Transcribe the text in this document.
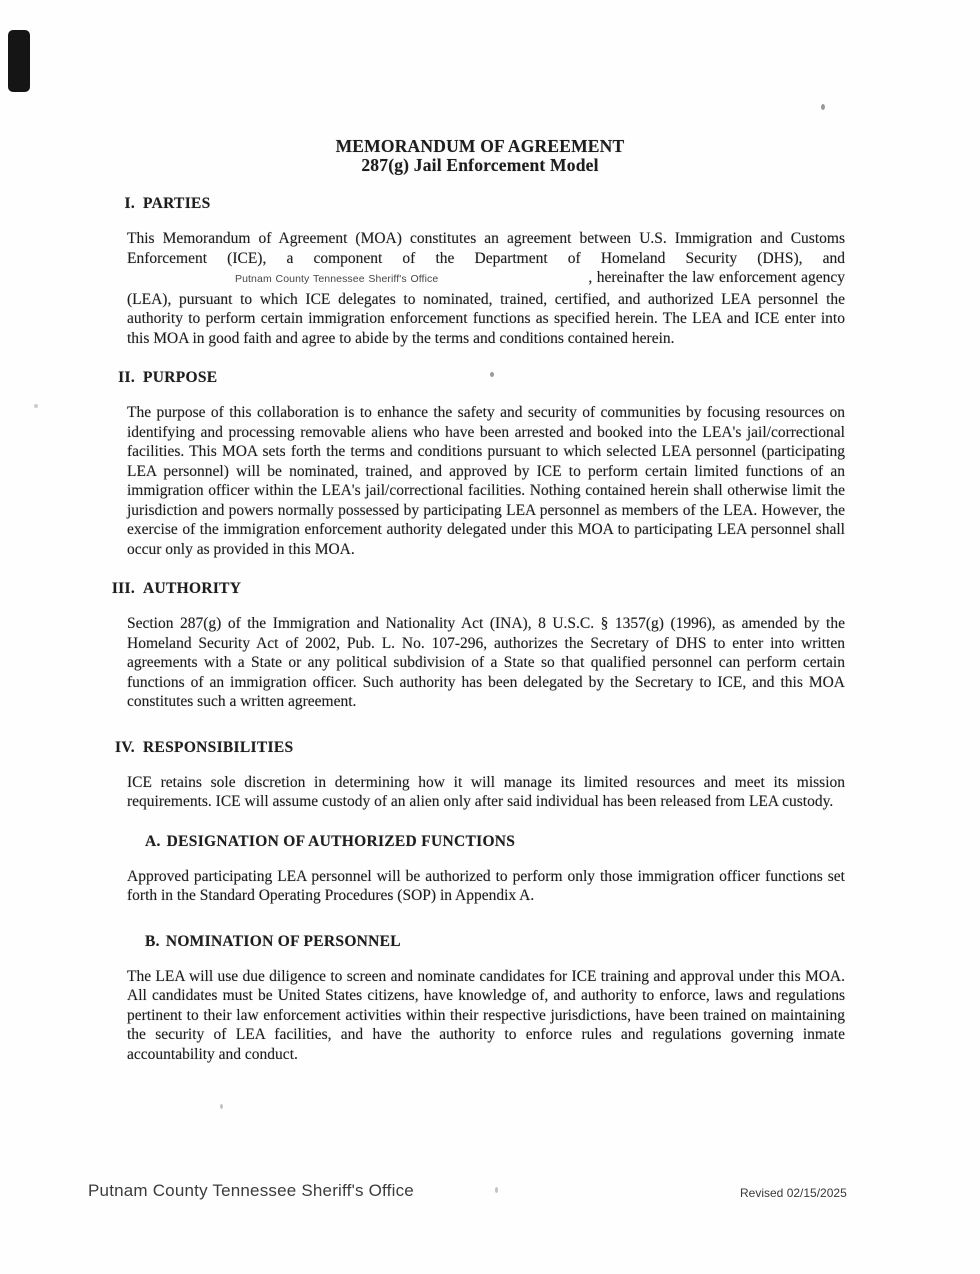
MEMORANDUM OF AGREEMENT
287(g) Jail Enforcement Model
I. PARTIES
This Memorandum of Agreement (MOA) constitutes an agreement between U.S. Immigration and Customs Enforcement (ICE), a component of the Department of Homeland Security (DHS), and
Putnam County Tennessee Sheriff's Office	, hereinafter the law enforcement agency (LEA), pursuant to which ICE delegates to nominated, trained, certified, and authorized LEA personnel the authority to perform certain immigration enforcement functions as specified herein. The LEA and ICE enter into this MOA in good faith and agree to abide by the terms and conditions contained herein.
II. PURPOSE
The purpose of this collaboration is to enhance the safety and security of communities by focusing resources on identifying and processing removable aliens who have been arrested and booked into the LEA's jail/correctional facilities. This MOA sets forth the terms and conditions pursuant to which selected LEA personnel (participating LEA personnel) will be nominated, trained, and approved by ICE to perform certain limited functions of an immigration officer within the LEA's jail/correctional facilities. Nothing contained herein shall otherwise limit the jurisdiction and powers normally possessed by participating LEA personnel as members of the LEA. However, the exercise of the immigration enforcement authority delegated under this MOA to participating LEA personnel shall occur only as provided in this MOA.
III. AUTHORITY
Section 287(g) of the Immigration and Nationality Act (INA), 8 U.S.C. § 1357(g) (1996), as amended by the Homeland Security Act of 2002, Pub. L. No. 107-296, authorizes the Secretary of DHS to enter into written agreements with a State or any political subdivision of a State so that qualified personnel can perform certain functions of an immigration officer. Such authority has been delegated by the Secretary to ICE, and this MOA constitutes such a written agreement.
IV. RESPONSIBILITIES
ICE retains sole discretion in determining how it will manage its limited resources and meet its mission requirements. ICE will assume custody of an alien only after said individual has been released from LEA custody.
A. DESIGNATION OF AUTHORIZED FUNCTIONS
Approved participating LEA personnel will be authorized to perform only those immigration officer functions set forth in the Standard Operating Procedures (SOP) in Appendix A.
B. NOMINATION OF PERSONNEL
The LEA will use due diligence to screen and nominate candidates for ICE training and approval under this MOA. All candidates must be United States citizens, have knowledge of, and authority to enforce, laws and regulations pertinent to their law enforcement activities within their respective jurisdictions, have been trained on maintaining the security of LEA facilities, and have the authority to enforce rules and regulations governing inmate accountability and conduct.
Putnam County Tennessee Sheriff's Office	Revised 02/15/2025
